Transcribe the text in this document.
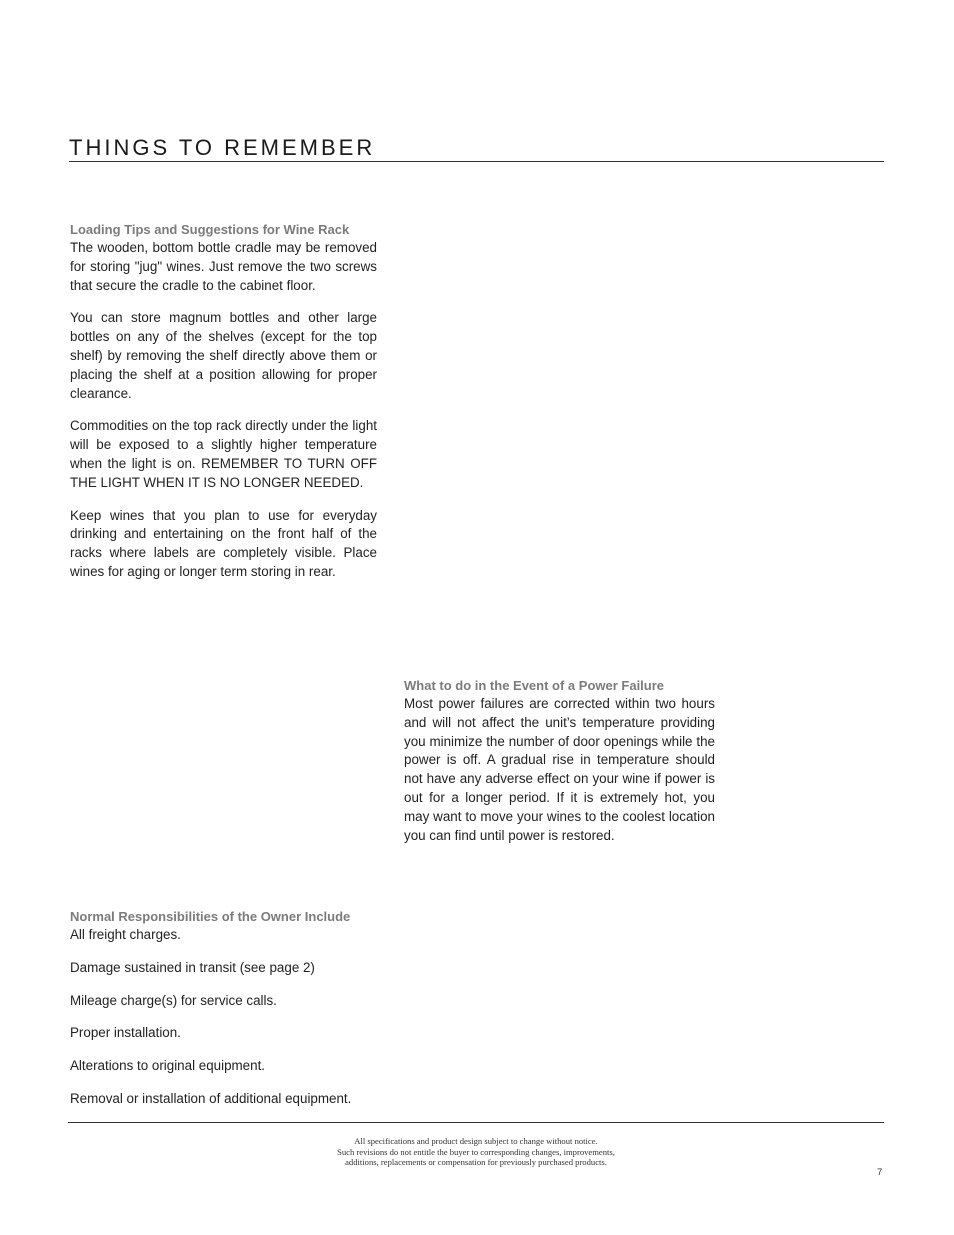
THINGS TO REMEMBER
Loading Tips and Suggestions for Wine Rack

The wooden, bottom bottle cradle may be removed for storing "jug" wines. Just remove the two screws that secure the cradle to the cabinet floor.

You can store magnum bottles and other large bottles on any of the shelves (except for the top shelf) by removing the shelf directly above them or placing the shelf at a position allowing for proper clearance.

Commodities on the top rack directly under the light will be exposed to a slightly higher temperature when the light is on. REMEMBER TO TURN OFF THE LIGHT WHEN IT IS NO LONGER NEEDED.

Keep wines that you plan to use for everyday drinking and entertaining on the front half of the racks where labels are completely visible. Place wines for aging or longer term storing in rear.

What to do in the Event of a Power Failure

Most power failures are corrected within two hours and will not affect the unit’s temperature providing you minimize the number of door openings while the power is off. A gradual rise in temperature should not have any adverse effect on your wine if power is out for a longer period. If it is extremely hot, you may want to move your wines to the coolest location you can find until power is restored.

Normal Responsibilities of the Owner Include
All freight charges.
Damage sustained in transit (see page 2)
Mileage charge(s) for service calls.
Proper installation.
Alterations to original equipment.
Removal or installation of additional equipment.
All specifications and product design subject to change without notice.
Such revisions do not entitle the buyer to corresponding changes, improvements,
additions, replacements or compensation for previously purchased products.
7
